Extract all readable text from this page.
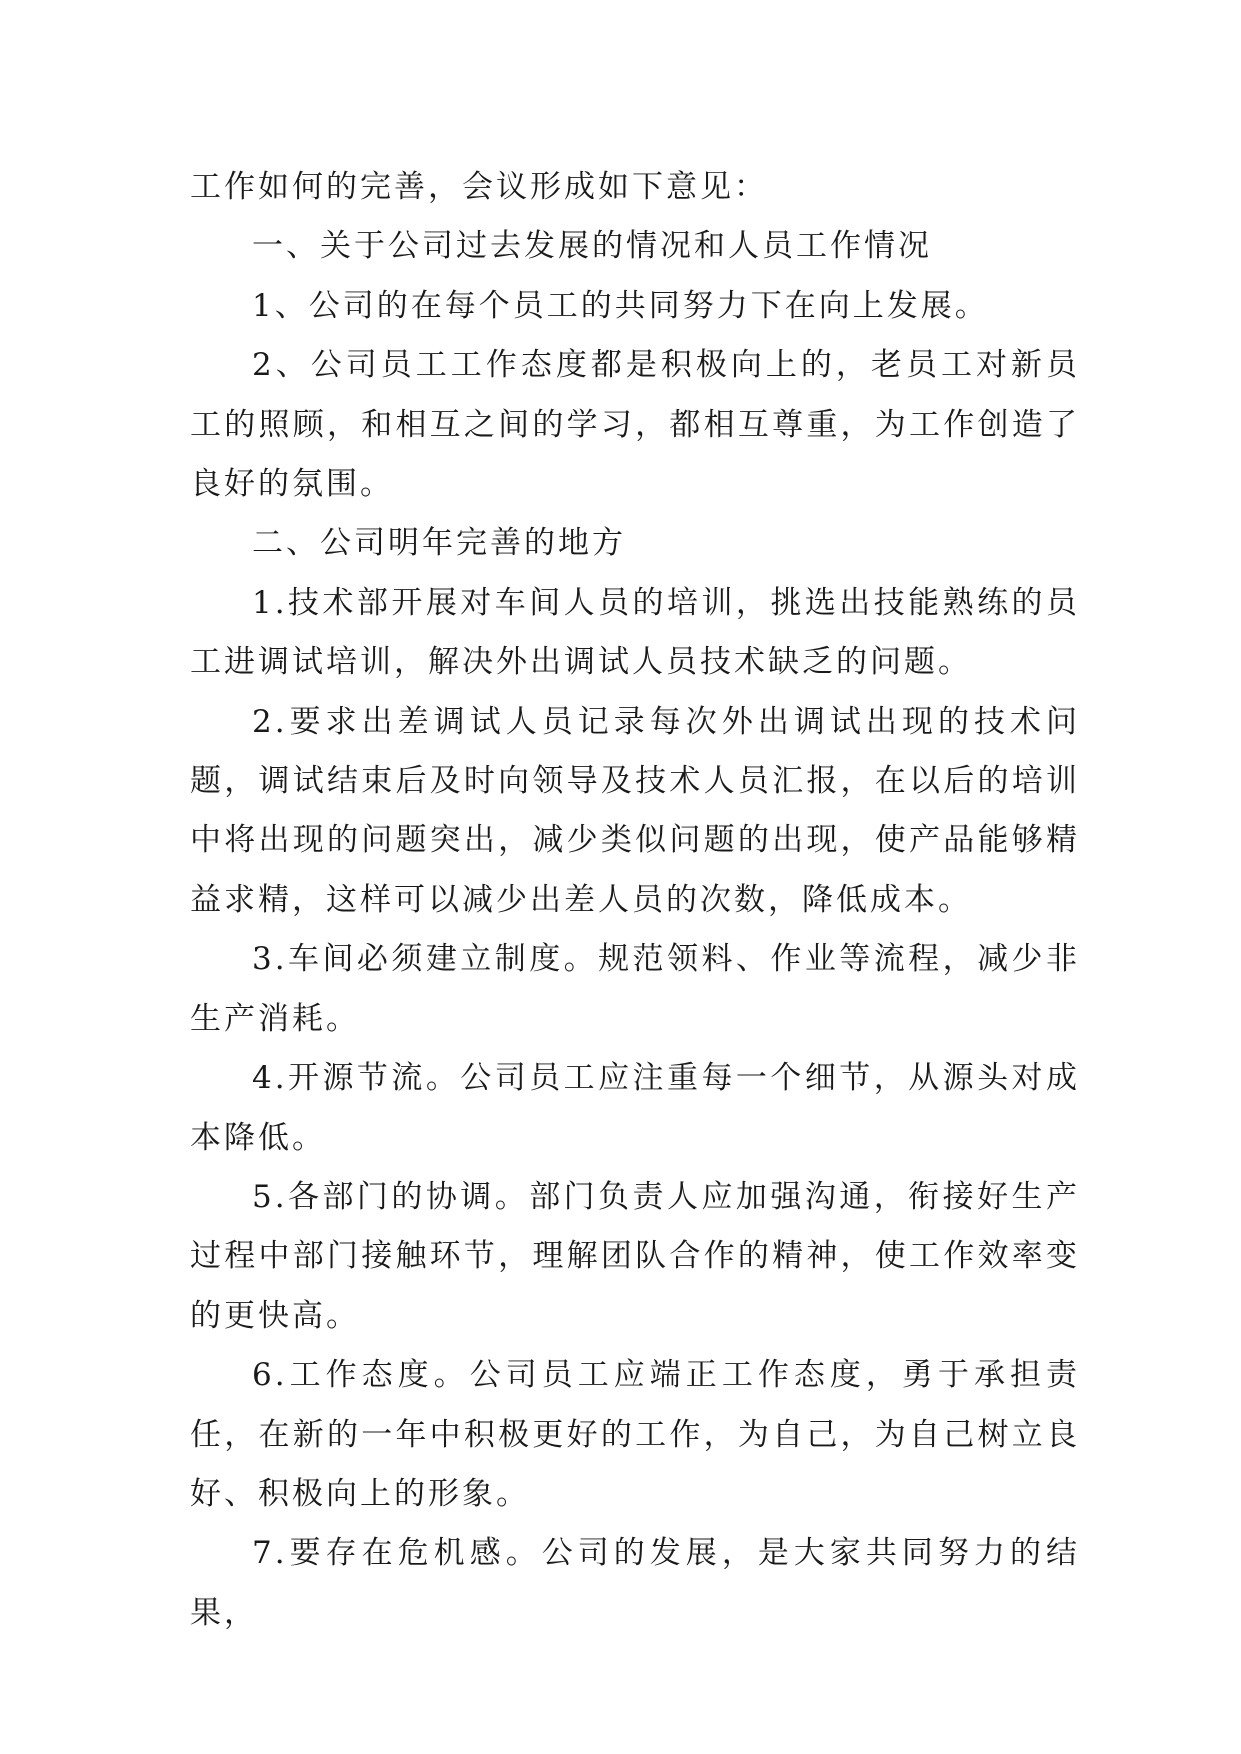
工作如何的完善，会议形成如下意见：

一、关于公司过去发展的情况和人员工作情况

1、公司的在每个员工的共同努力下在向上发展。

2、公司员工工作态度都是积极向上的，老员工对新员工的照顾，和相互之间的学习，都相互尊重，为工作创造了良好的氛围。

二、公司明年完善的地方

1.技术部开展对车间人员的培训，挑选出技能熟练的员工进调试培训，解决外出调试人员技术缺乏的问题。

2.要求出差调试人员记录每次外出调试出现的技术问题，调试结束后及时向领导及技术人员汇报，在以后的培训中将出现的问题突出，减少类似问题的出现，使产品能够精益求精，这样可以减少出差人员的次数，降低成本。

3.车间必须建立制度。规范领料、作业等流程，减少非生产消耗。

4.开源节流。公司员工应注重每一个细节，从源头对成本降低。

5.各部门的协调。部门负责人应加强沟通，衔接好生产过程中部门接触环节，理解团队合作的精神，使工作效率变的更快高。

6.工作态度。公司员工应端正工作态度，勇于承担责任，在新的一年中积极更好的工作，为自己，为自己树立良好、积极向上的形象。

7.要存在危机感。公司的发展，是大家共同努力的结果，
